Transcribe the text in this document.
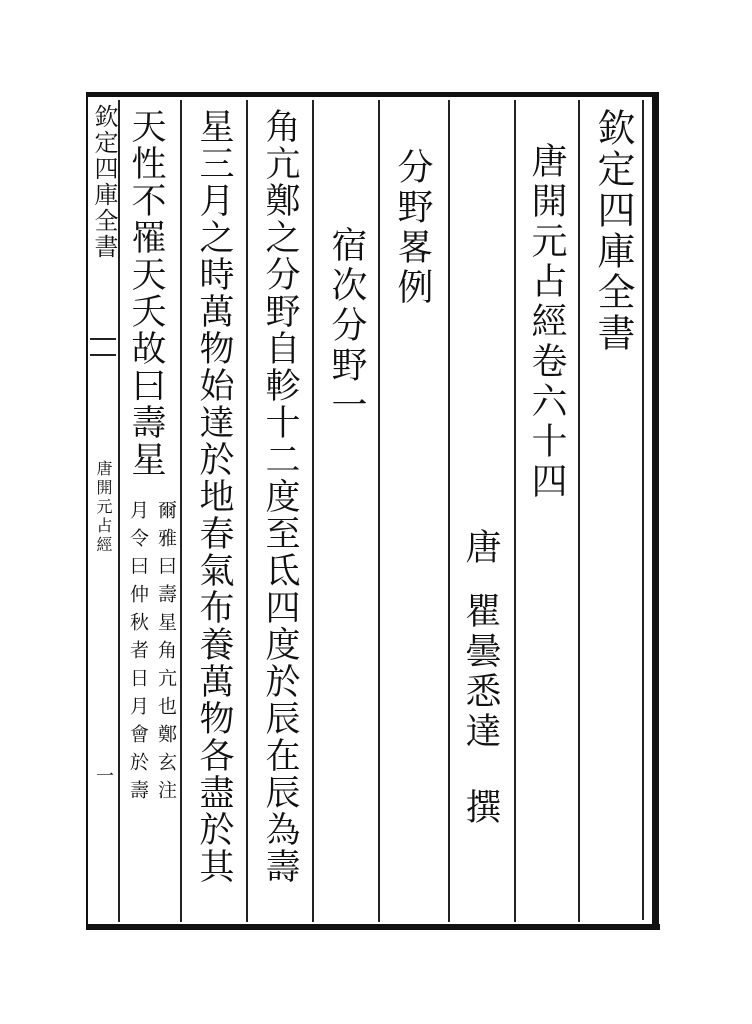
欽定四庫全書
唐開元占經
一
欽定四庫全書
唐開元占經卷六十四
唐
瞿曇悉達
撰
分野畧例
宿次分野一
角亢鄭之分野自軫十二度至氐四度於辰在辰為壽
星三月之時萬物始達於地春氣布養萬物各盡於其
天性不罹天夭故曰壽星
爾雅曰壽星角亢也鄭玄注
月令曰仲秋者日月會於壽
